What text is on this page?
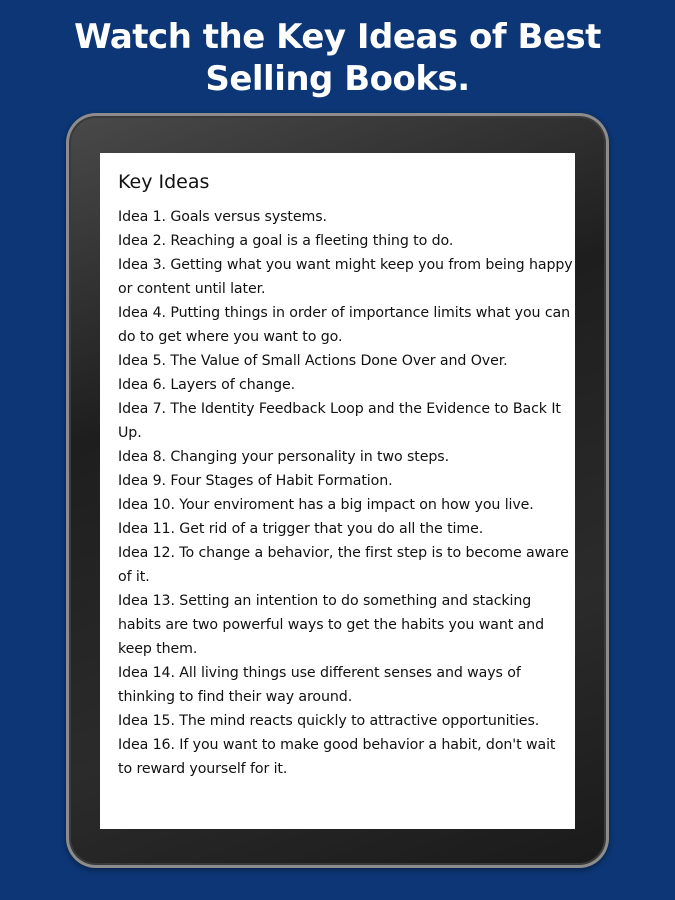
Watch the Key Ideas of Best
Selling Books.
Key Ideas
Idea 1. Goals versus systems.
Idea 2. Reaching a goal is a fleeting thing to do.
Idea 3. Getting what you want might keep you from being happy or content until later.
Idea 4. Putting things in order of importance limits what you can do to get where you want to go.
Idea 5. The Value of Small Actions Done Over and Over.
Idea 6. Layers of change.
Idea 7. The Identity Feedback Loop and the Evidence to Back It Up.
Idea 8. Changing your personality in two steps.
Idea 9. Four Stages of Habit Formation.
Idea 10. Your enviroment has a big impact on how you live.
Idea 11. Get rid of a trigger that you do all the time.
Idea 12. To change a behavior, the first step is to become aware of it.
Idea 13. Setting an intention to do something and stacking habits are two powerful ways to get the habits you want and keep them.
Idea 14. All living things use different senses and ways of thinking to find their way around.
Idea 15. The mind reacts quickly to attractive opportunities.
Idea 16. If you want to make good behavior a habit, don't wait to reward yourself for it.
